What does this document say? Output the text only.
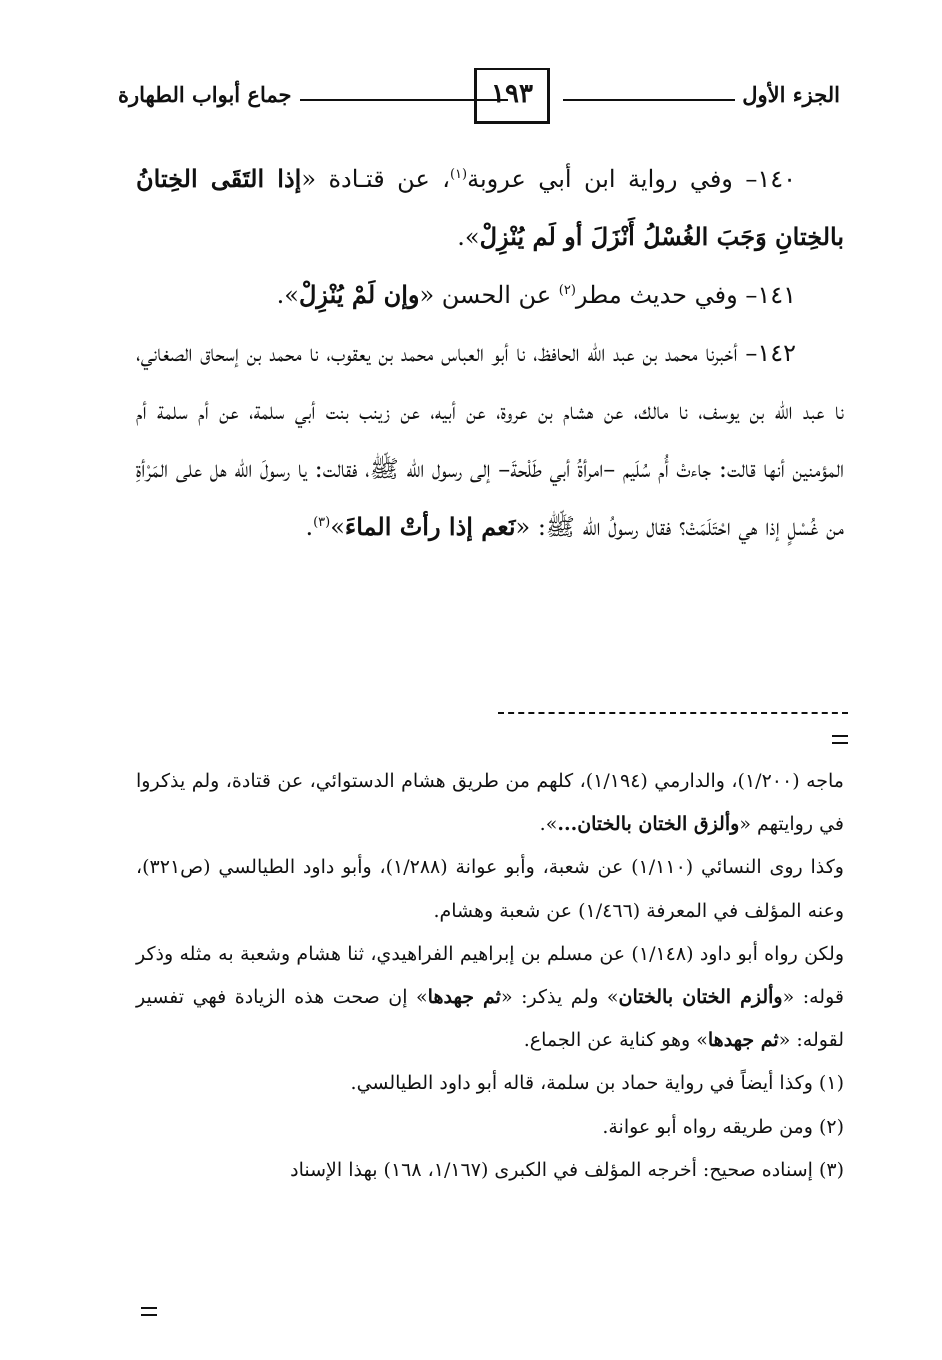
الجزء الأول
١٩٣
جماع أبواب الطهارة

١٤٠– وفي رواية ابن أبي عروبة$^{(١)}$، عن قتـادة «إذا التَقَى الخِتانُ بالخِتانِ وَجَبَ الغُسْلُ أَنْزَلَ أو لَم يُنْزِلْ».

١٤١– وفي حديث مطر$^{(٢)}$ عن الحسن «وإن لَمْ يُنْزِلْ».

١٤٢– أخبرنا محمد بن عبد الله الحافظ، نا أبو العباس محمد بن يعقوب، نا محمد بن إسحاق الصغاني، نا عبد الله بن يوسف، نا مالك، عن هشام بن عروة، عن أبيه، عن زينب بنت أبي سلمة، عن أم سلمة أم المؤمنين أنها قالت: جاءتْ أُم سُلَيم –امرأةُ أبي طَلْحةَ– إلى رسول الله ﷺ، فقالت: يا رسولَ الله هل على المَرْأةِ من غُسْلٍ إذا هي احْتَلَمَتْ؟ فقال رسولُ الله ﷺ: «نَعم إذا رأتْ الماءَ»$^{(٣)}$.

ماجه (١/٢٠٠)، والدارمي (١/١٩٤)، كلهم من طريق هشام الدستوائي، عن قتادة، ولم يذكروا في روايتهم «وألزق الختان بالختان...».

وكذا روى النسائي (١/١١٠) عن شعبة، وأبو عوانة (١/٢٨٨)، وأبو داود الطيالسي (ص٣٢١)، وعنه المؤلف في المعرفة (١/٤٦٦) عن شعبة وهشام.

ولكن رواه أبو داود (١/١٤٨) عن مسلم بن إبراهيم الفراهيدي، ثنا هشام وشعبة به مثله وذكر قوله: «وألزم الختان بالختان» ولم يذكر: «ثم جهدها» إن صحت هذه الزيادة فهي تفسير لقوله: «ثم جهدها» وهو كناية عن الجماع.

(١) وكذا أيضاً في رواية حماد بن سلمة، قاله أبو داود الطيالسي.

(٢) ومن طريقه رواه أبو عوانة.

(٣) إسناده صحيح: أخرجه المؤلف في الكبرى (١/١٦٧، ١٦٨) بهذا الإسناد
